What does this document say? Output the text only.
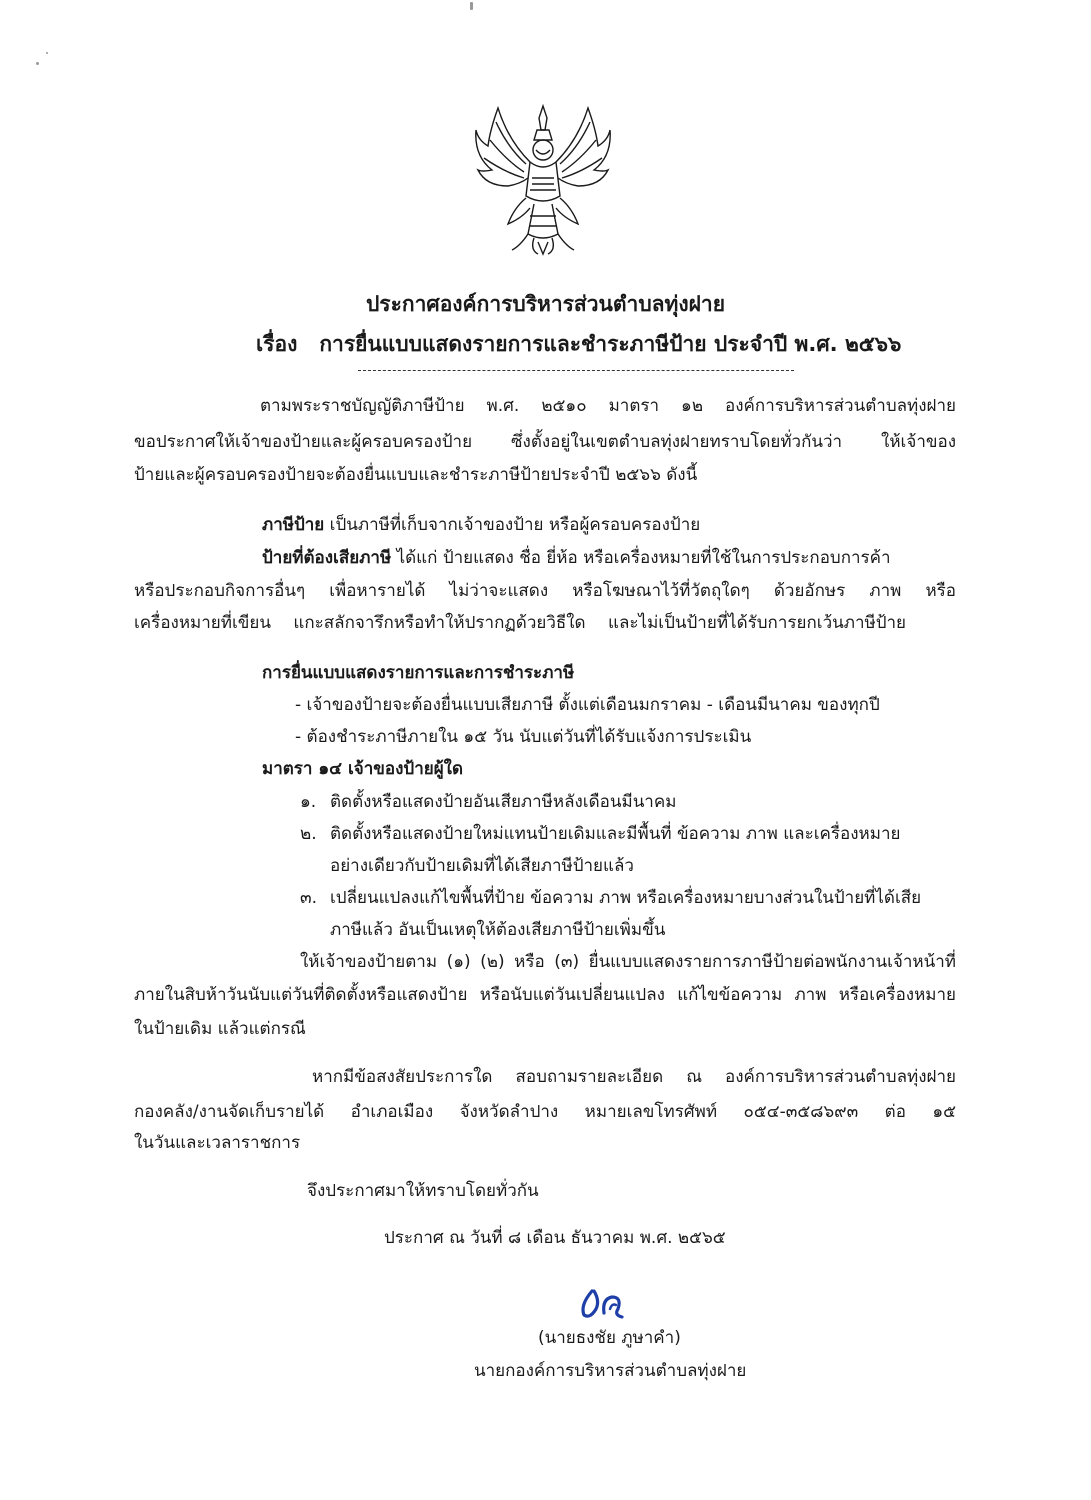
ประกาศองค์การบริหารส่วนตำบลทุ่งฝาย
เรื่อง การยื่นแบบแสดงรายการและชำระภาษีป้าย ประจำปี พ.ศ. ๒๕๖๖
ตามพระราชบัญญัติภาษีป้าย พ.ศ. ๒๕๑๐ มาตรา ๑๒ องค์การบริหารส่วนตำบลทุ่งฝาย
ขอประกาศให้เจ้าของป้ายและผู้ครอบครองป้าย ซึ่งตั้งอยู่ในเขตตำบลทุ่งฝายทราบโดยทั่วกันว่า ให้เจ้าของ
ป้ายและผู้ครอบครองป้ายจะต้องยื่นแบบและชำระภาษีป้ายประจำปี ๒๕๖๖ ดังนี้
ภาษีป้าย เป็นภาษีที่เก็บจากเจ้าของป้าย หรือผู้ครอบครองป้าย
ป้ายที่ต้องเสียภาษี ได้แก่ ป้ายแสดง ชื่อ ยี่ห้อ หรือเครื่องหมายที่ใช้ในการประกอบการค้า
หรือประกอบกิจการอื่นๆ เพื่อหารายได้ ไม่ว่าจะแสดง หรือโฆษณาไว้ที่วัตถุใดๆ ด้วยอักษร ภาพ หรือ
เครื่องหมายที่เขียน แกะสลักจารึกหรือทำให้ปรากฏด้วยวิธีใด และไม่เป็นป้ายที่ได้รับการยกเว้นภาษีป้าย
การยื่นแบบแสดงรายการและการชำระภาษี
- เจ้าของป้ายจะต้องยื่นแบบเสียภาษี ตั้งแต่เดือนมกราคม - เดือนมีนาคม ของทุกปี
- ต้องชำระภาษีภายใน ๑๕ วัน นับแต่วันที่ได้รับแจ้งการประเมิน
มาตรา ๑๔ เจ้าของป้ายผู้ใด
๑. ติดตั้งหรือแสดงป้ายอันเสียภาษีหลังเดือนมีนาคม
๒. ติดตั้งหรือแสดงป้ายใหม่แทนป้ายเดิมและมีพื้นที่ ข้อความ ภาพ และเครื่องหมาย
อย่างเดียวกับป้ายเดิมที่ได้เสียภาษีป้ายแล้ว
๓. เปลี่ยนแปลงแก้ไขพื้นที่ป้าย ข้อความ ภาพ หรือเครื่องหมายบางส่วนในป้ายที่ได้เสีย
ภาษีแล้ว อันเป็นเหตุให้ต้องเสียภาษีป้ายเพิ่มขึ้น
ให้เจ้าของป้ายตาม (๑) (๒) หรือ (๓) ยื่นแบบแสดงรายการภาษีป้ายต่อพนักงานเจ้าหน้าที่
ภายในสิบห้าวันนับแต่วันที่ติดตั้งหรือแสดงป้าย หรือนับแต่วันเปลี่ยนแปลง แก้ไขข้อความ ภาพ หรือเครื่องหมาย
ในป้ายเดิม แล้วแต่กรณี
หากมีข้อสงสัยประการใด สอบถามรายละเอียด ณ องค์การบริหารส่วนตำบลทุ่งฝาย
กองคลัง/งานจัดเก็บรายได้ อำเภอเมือง จังหวัดลำปาง หมายเลขโทรศัพท์ ๐๕๔-๓๕๘๖๙๓ ต่อ ๑๕
ในวันและเวลาราชการ
จึงประกาศมาให้ทราบโดยทั่วกัน
ประกาศ ณ วันที่ ๘ เดือน ธันวาคม พ.ศ. ๒๕๖๕
(นายธงชัย ภูษาคำ)
นายกองค์การบริหารส่วนตำบลทุ่งฝาย
